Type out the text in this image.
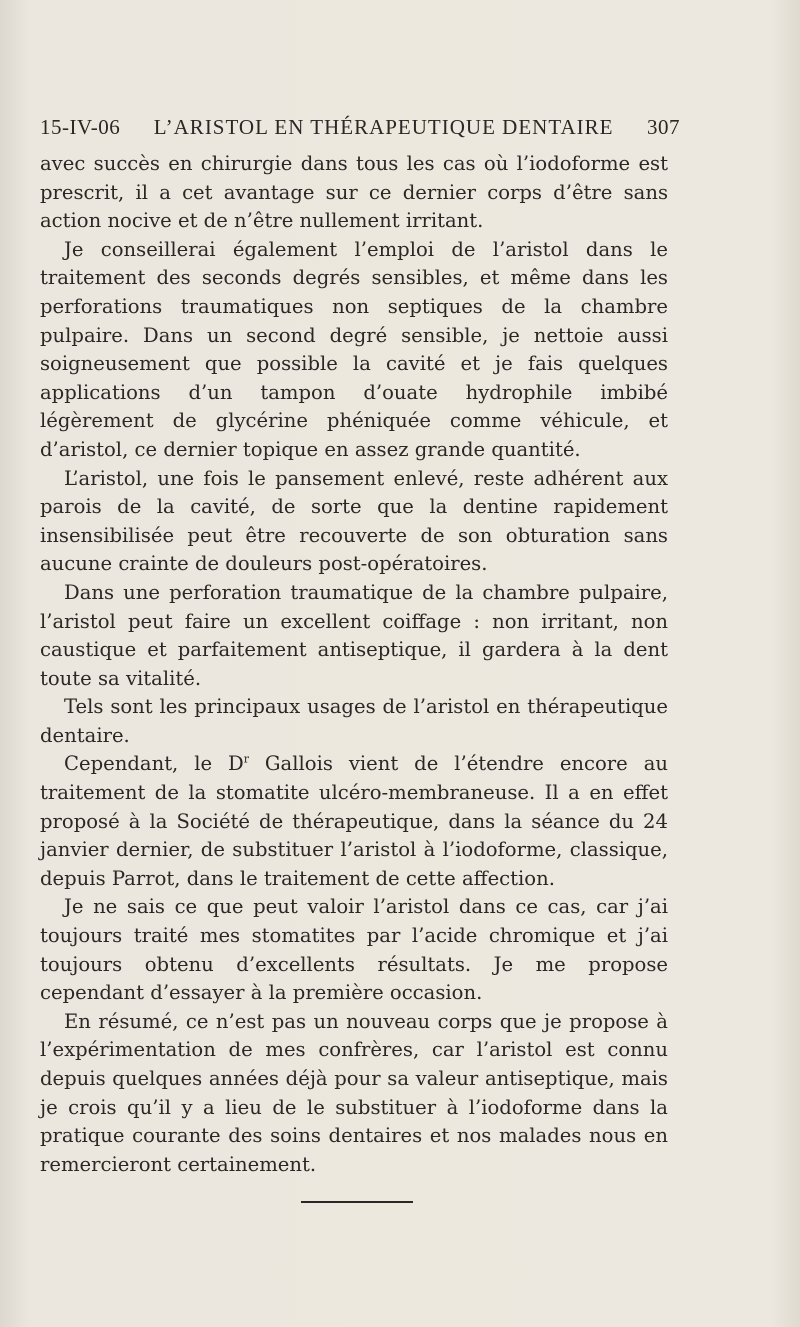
15-IV-06 L’ARISTOL EN THÉRAPEUTIQUE DENTAIRE 307

avec succès en chirurgie dans tous les cas où l’iodoforme est prescrit, il a cet avantage sur ce dernier corps d’être sans action nocive et de n’être nullement irritant.

Je conseillerai également l’emploi de l’aristol dans le traitement des seconds degrés sensibles, et même dans les perforations traumatiques non septiques de la chambre pulpaire. Dans un second degré sensible, je nettoie aussi soigneusement que possible la cavité et je fais quelques applications d’un tampon d’ouate hydrophile imbibé légèrement de glycérine phéniquée comme véhicule, et d’aristol, ce dernier topique en assez grande quantité.

L’aristol, une fois le pansement enlevé, reste adhérent aux parois de la cavité, de sorte que la dentine rapidement insensibilisée peut être recouverte de son obturation sans aucune crainte de douleurs post-opératoires.

Dans une perforation traumatique de la chambre pulpaire, l’aristol peut faire un excellent coiffage : non irritant, non caustique et parfaitement antiseptique, il gardera à la dent toute sa vitalité.

Tels sont les principaux usages de l’aristol en thérapeutique dentaire.

Cependant, le $D^r$ Gallois vient de l’étendre encore au traitement de la stomatite ulcéro-membraneuse. Il a en effet proposé à la Société de thérapeutique, dans la séance du 24 janvier dernier, de substituer l’aristol à l’iodoforme, classique, depuis Parrot, dans le traitement de cette affection.

Je ne sais ce que peut valoir l’aristol dans ce cas, car j’ai toujours traité mes stomatites par l’acide chromique et j’ai toujours obtenu d’excellents résultats. Je me propose cependant d’essayer à la première occasion.

En résumé, ce n’est pas un nouveau corps que je propose à l’expérimentation de mes confrères, car l’aristol est connu depuis quelques années déjà pour sa valeur antiseptique, mais je crois qu’il y a lieu de le substituer à l’iodoforme dans la pratique courante des soins dentaires et nos malades nous en remercieront certainement.
